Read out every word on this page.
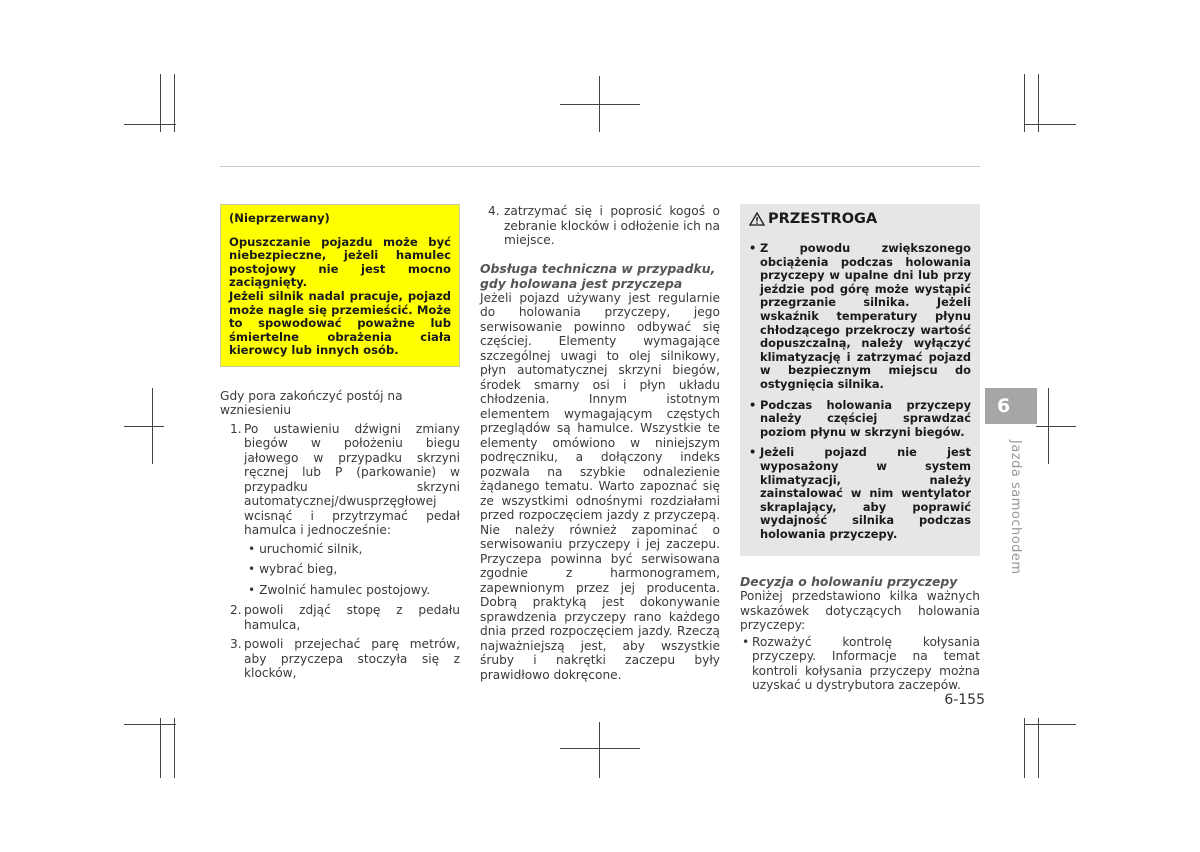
(Nieprzerwany)

Opuszczanie pojazdu może być niebezpieczne, jeżeli hamulec postojowy nie jest mocno zaciągnięty.

Jeżeli silnik nadal pracuje, pojazd może nagle się przemieścić. Może to spowodować poważne lub śmiertelne obrażenia ciała kierowcy lub innych osób.

Gdy pora zakończyć postój na wzniesieniu
1. Po ustawieniu dźwigni zmiany biegów w położeniu biegu jałowego w przypadku skrzyni ręcznej lub P (parkowanie) w przypadku skrzyni automatycznej/dwusprzęgłowej wcisnąć i przytrzymać pedał hamulca i jednocześnie:
• uruchomić silnik,
• wybrać bieg,
• Zwolnić hamulec postojowy.
2. powoli zdjąć stopę z pedału hamulca,
3. powoli przejechać parę metrów, aby przyczepa stoczyła się z klocków,
4. zatrzymać się i poprosić kogoś o zebranie klocków i odłożenie ich na miejsce.
Obsługa techniczna w przypadku, gdy holowana jest przyczepa
Jeżeli pojazd używany jest regularnie do holowania przyczepy, jego serwisowanie powinno odbywać się częściej. Elementy wymagające szczególnej uwagi to olej silnikowy, płyn automatycznej skrzyni biegów, środek smarny osi i płyn układu chłodzenia. Innym istotnym elementem wymagającym częstych przeglądów są hamulce. Wszystkie te elementy omówiono w niniejszym podręczniku, a dołączony indeks pozwala na szybkie odnalezienie żądanego tematu. Warto zapoznać się ze wszystkimi odnośnymi rozdziałami przed rozpoczęciem jazdy z przyczepą. Nie należy również zapominać o serwisowaniu przyczepy i jej zaczepu. Przyczepa powinna być serwisowana zgodnie z harmonogramem, zapewnionym przez jej producenta. Dobrą praktyką jest dokonywanie sprawdzenia przyczepy rano każdego dnia przed rozpoczęciem jazdy. Rzeczą najważniejszą jest, aby wszystkie śruby i nakrętki zaczepu były prawidłowo dokręcone.
PRZESTROGA
• Z powodu zwiększonego obciążenia podczas holowania przyczepy w upalne dni lub przy jeździe pod górę może wystąpić przegrzanie silnika. Jeżeli wskaźnik temperatury płynu chłodzącego przekroczy wartość dopuszczalną, należy wyłączyć klimatyzację i zatrzymać pojazd w bezpiecznym miejscu do ostygnięcia silnika.
• Podczas holowania przyczepy należy częściej sprawdzać poziom płynu w skrzyni biegów.
• Jeżeli pojazd nie jest wyposażony w system klimatyzacji, należy zainstalować w nim wentylator skraplający, aby poprawić wydajność silnika podczas holowania przyczepy.
Decyzja o holowaniu przyczepy
Poniżej przedstawiono kilka ważnych wskazówek dotyczących holowania przyczepy:
• Rozważyć kontrolę kołysania przyczepy. Informacje na temat kontroli kołysania przyczepy można uzyskać u dystrybutora zaczepów.
6
Jazda samochodem
6-155
